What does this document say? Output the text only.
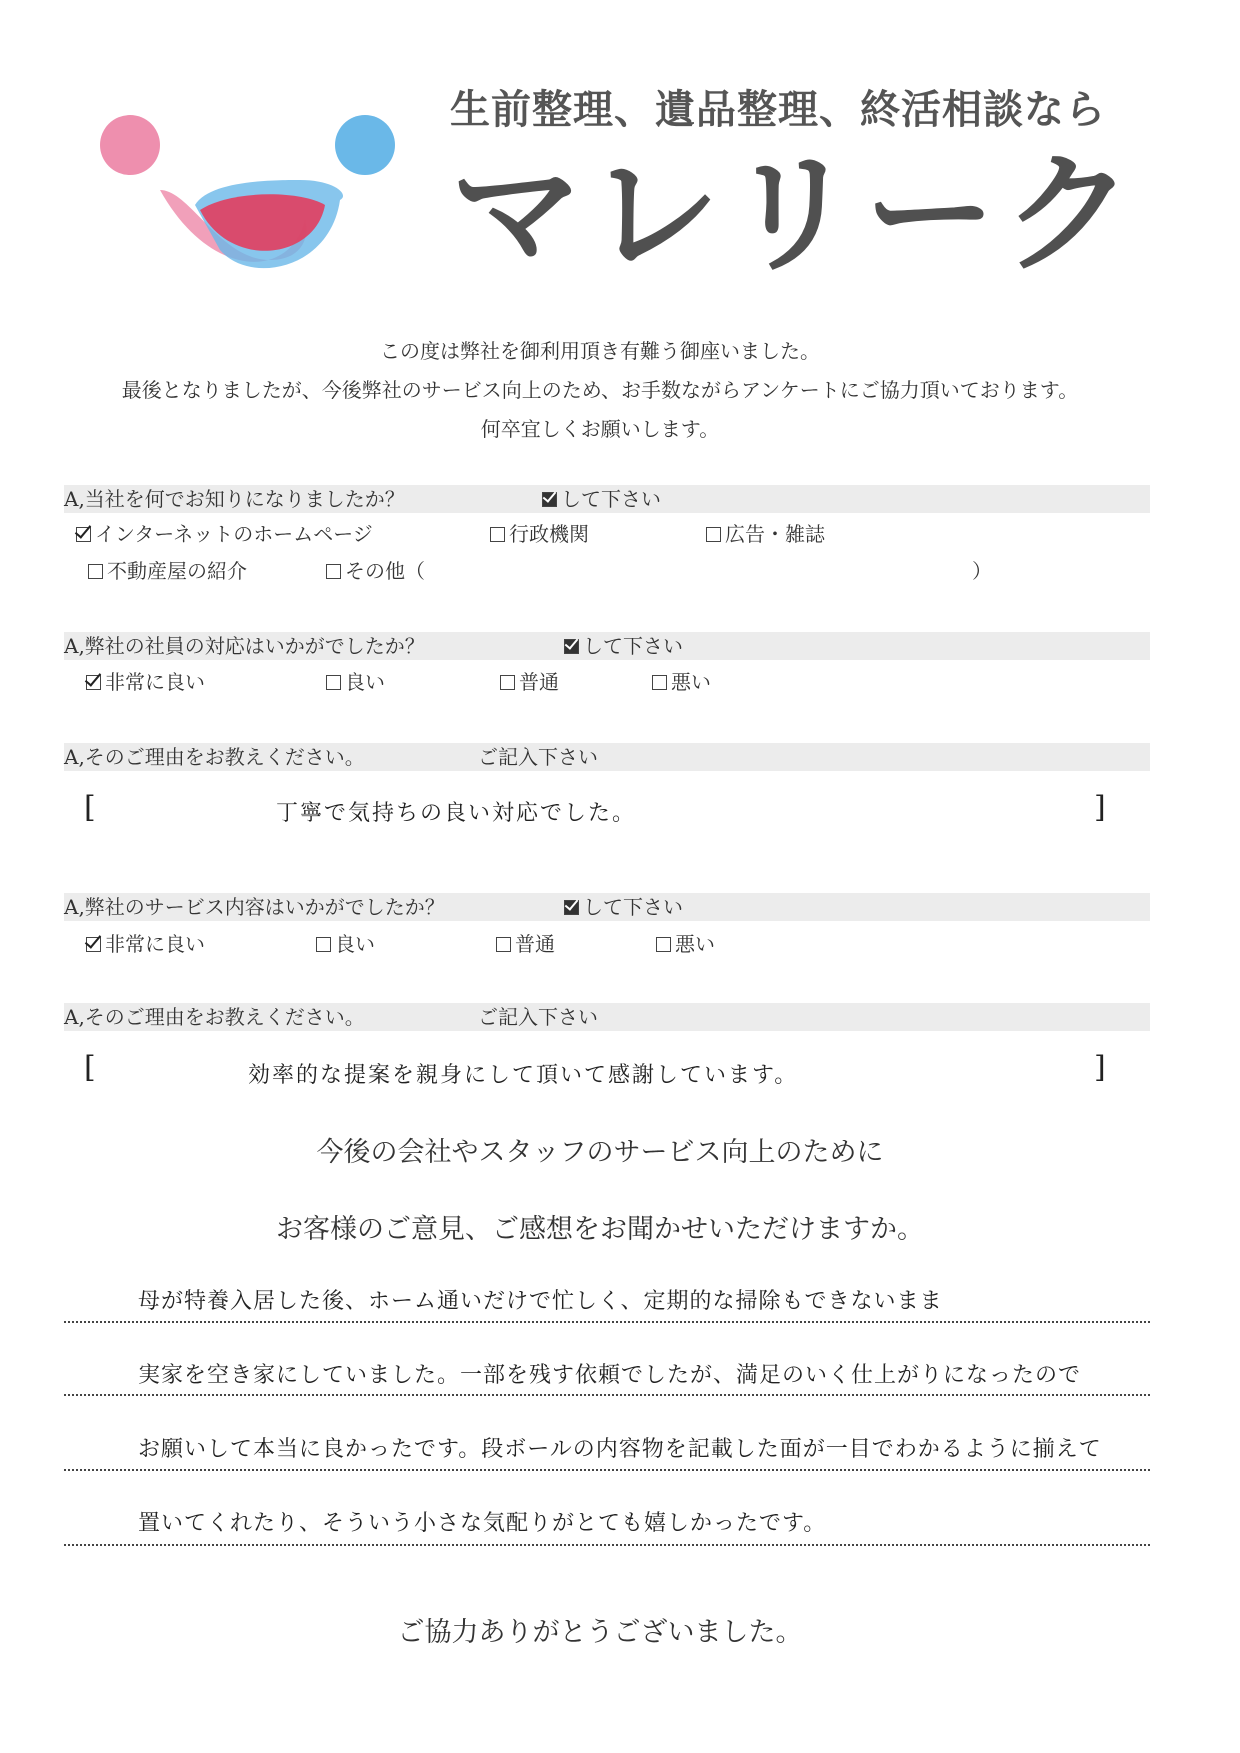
生前整理、遺品整理、終活相談なら
マレリーク
この度は弊社を御利用頂き有難う御座いました。
最後となりましたが、今後弊社のサービス向上のため、お手数ながらアンケートにご協力頂いております。
何卒宜しくお願いします。
A,当社を何でお知りになりましたか？	して下さい
インターネットのホームページ	行政機関	広告・雑誌
不動産屋の紹介	その他（	）
A,弊社の社員の対応はいかがでしたか？	して下さい
非常に良い	良い	普通	悪い
A,そのご理由をお教えください。	ご記入下さい
[	丁寧で気持ちの良い対応でした。	]
A,弊社のサービス内容はいかがでしたか？	して下さい
非常に良い	良い	普通	悪い
A,そのご理由をお教えください。	ご記入下さい
[	効率的な提案を親身にして頂いて感謝しています。	]
今後の会社やスタッフのサービス向上のために
お客様のご意見、ご感想をお聞かせいただけますか。
母が特養入居した後、ホーム通いだけで忙しく、定期的な掃除もできないまま
実家を空き家にしていました。一部を残す依頼でしたが、満足のいく仕上がりになったので
お願いして本当に良かったです。段ボールの内容物を記載した面が一目でわかるように揃えて
置いてくれたり、そういう小さな気配りがとても嬉しかったです。
ご協力ありがとうございました。
